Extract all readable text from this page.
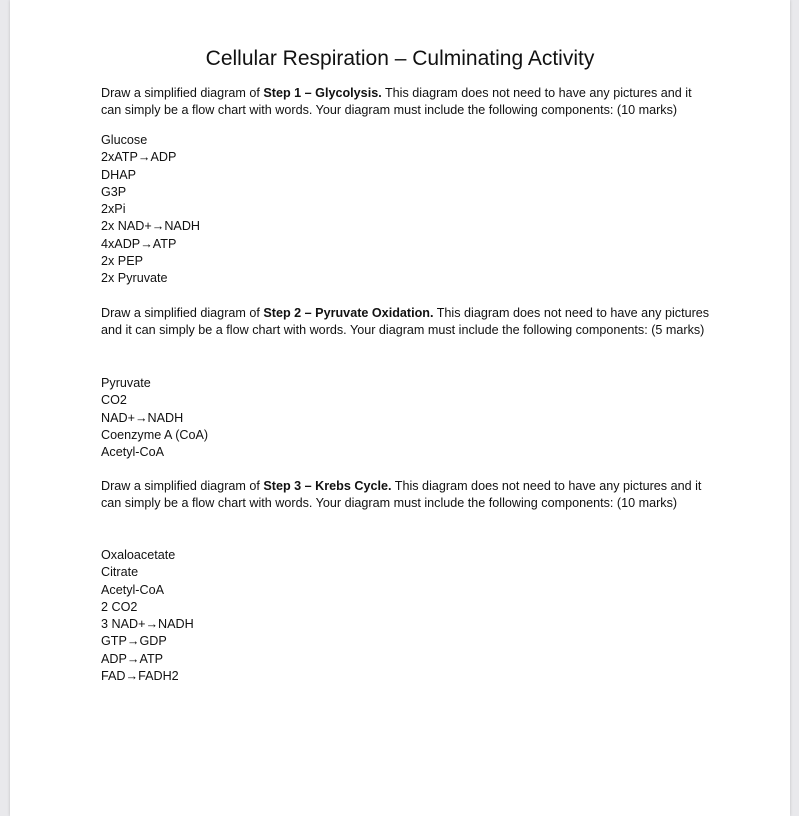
Cellular Respiration – Culminating Activity

Draw a simplified diagram of Step 1 – Glycolysis. This diagram does not need to have any pictures and it can simply be a flow chart with words. Your diagram must include the following components: (10 marks)

Glucose
2xATP→ADP
DHAP
G3P
2xPi
2x NAD+→NADH
4xADP→ATP
2x PEP
2x Pyruvate

Draw a simplified diagram of Step 2 – Pyruvate Oxidation. This diagram does not need to have any pictures and it can simply be a flow chart with words. Your diagram must include the following components: (5 marks)

Pyruvate
CO2
NAD+→NADH
Coenzyme A (CoA)
Acetyl-CoA

Draw a simplified diagram of Step 3 – Krebs Cycle. This diagram does not need to have any pictures and it can simply be a flow chart with words. Your diagram must include the following components: (10 marks)

Oxaloacetate
Citrate
Acetyl-CoA
2 CO2
3 NAD+→NADH
GTP→GDP
ADP→ATP
FAD→FADH2
